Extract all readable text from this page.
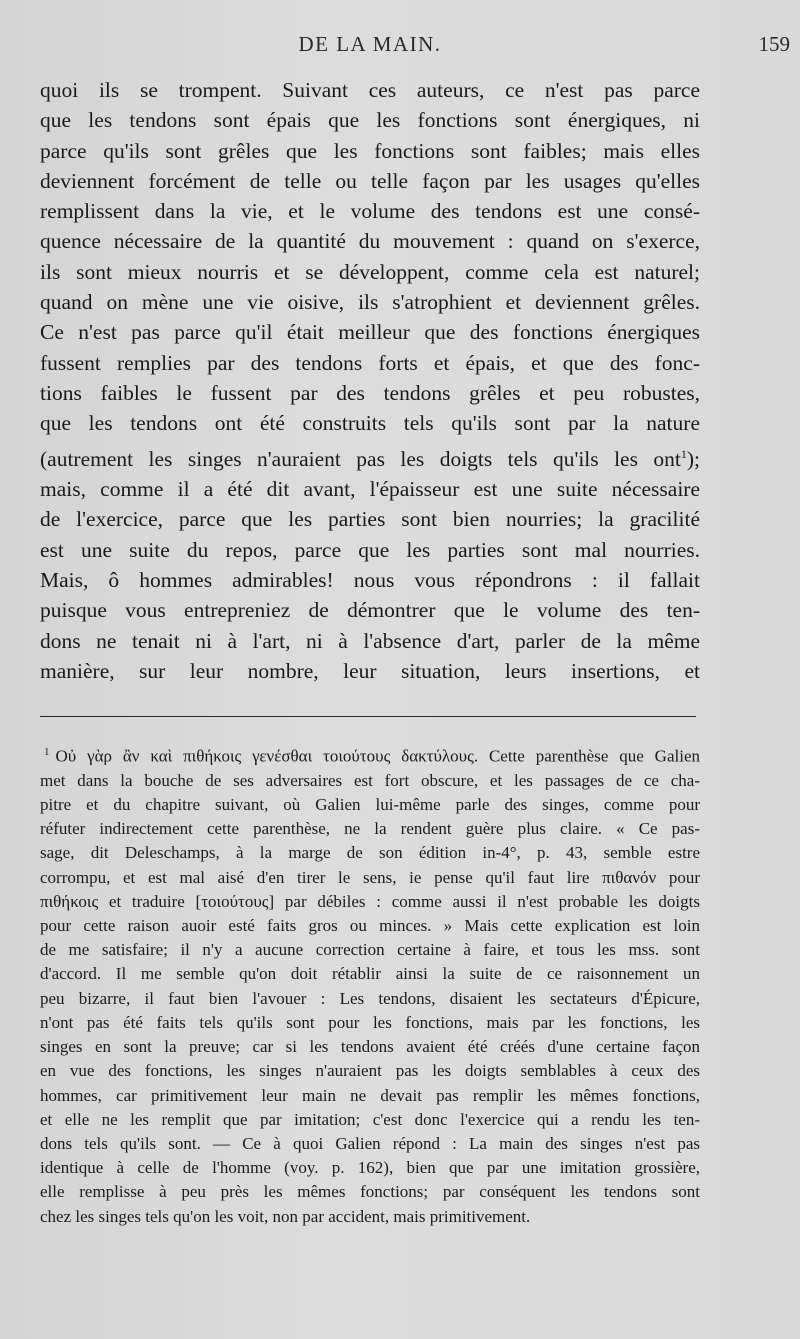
DE LA MAIN.	159
quoi ils se trompent. Suivant ces auteurs, ce n'est pas parce
que les tendons sont épais que les fonctions sont énergiques, ni
parce qu'ils sont grêles que les fonctions sont faibles; mais elles
deviennent forcément de telle ou telle façon par les usages qu'elles
remplissent dans la vie, et le volume des tendons est une consé-
quence nécessaire de la quantité du mouvement : quand on s'exerce,
ils sont mieux nourris et se développent, comme cela est naturel;
quand on mène une vie oisive, ils s'atrophient et deviennent grêles.
Ce n'est pas parce qu'il était meilleur que des fonctions énergiques
fussent remplies par des tendons forts et épais, et que des fonc-
tions faibles le fussent par des tendons grêles et peu robustes,
que les tendons ont été construits tels qu'ils sont par la nature
(autrement les singes n'auraient pas les doigts tels qu'ils les ont$^1$);
mais, comme il a été dit avant, l'épaisseur est une suite nécessaire
de l'exercice, parce que les parties sont bien nourries; la gracilité
est une suite du repos, parce que les parties sont mal nourries.
Mais, ô hommes admirables! nous vous répondrons : il fallait
puisque vous entrepreniez de démontrer que le volume des ten-
dons ne tenait ni à l'art, ni à l'absence d'art, parler de la même
manière, sur leur nombre, leur situation, leurs insertions, et
$^1$ Οὐ γὰρ ἂν καὶ πιθήκοις γενέσθαι τοιούτους δακτύλους. Cette parenthèse que Galien
met dans la bouche de ses adversaires est fort obscure, et les passages de ce cha-
pitre et du chapitre suivant, où Galien lui-même parle des singes, comme pour
réfuter indirectement cette parenthèse, ne la rendent guère plus claire. « Ce pas-
sage, dit Deleschamps, à la marge de son édition in-4°, p. 43, semble estre
corrompu, et est mal aisé d'en tirer le sens, ie pense qu'il faut lire πιθανόν pour
πιθήκοις et traduire [τοιούτους] par débiles : comme aussi il n'est probable les doigts
pour cette raison auoir esté faits gros ou minces. » Mais cette explication est loin
de me satisfaire; il n'y a aucune correction certaine à faire, et tous les mss. sont
d'accord. Il me semble qu'on doit rétablir ainsi la suite de ce raisonnement un
peu bizarre, il faut bien l'avouer : Les tendons, disaient les sectateurs d'Épicure,
n'ont pas été faits tels qu'ils sont pour les fonctions, mais par les fonctions, les
singes en sont la preuve; car si les tendons avaient été créés d'une certaine façon
en vue des fonctions, les singes n'auraient pas les doigts semblables à ceux des
hommes, car primitivement leur main ne devait pas remplir les mêmes fonctions,
et elle ne les remplit que par imitation; c'est donc l'exercice qui a rendu les ten-
dons tels qu'ils sont. — Ce à quoi Galien répond : La main des singes n'est pas
identique à celle de l'homme (voy. p. 162), bien que par une imitation grossière,
elle remplisse à peu près les mêmes fonctions; par conséquent les tendons sont
chez les singes tels qu'on les voit, non par accident, mais primitivement.
